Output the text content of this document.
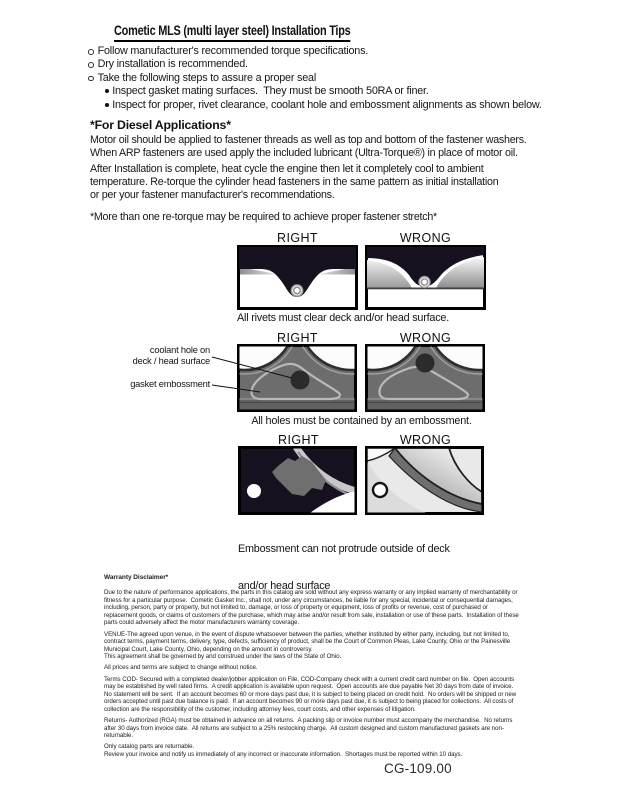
Cometic MLS (multi layer steel) Installation Tips
Follow manufacturer's recommended torque specifications.
Dry installation is recommended.
Take the following steps to assure a proper seal
Inspect gasket mating surfaces.  They must be smooth 50RA or finer.
Inspect for proper, rivet clearance, coolant hole and embossment alignments as shown below.
*For Diesel Applications*
Motor oil should be applied to fastener threads as well as top and bottom of the fastener washers.
When ARP fasteners are used apply the included lubricant (Ultra-Torque®) in place of motor oil.
After Installation is complete, heat cycle the engine then let it completely cool to ambient
temperature. Re-torque the cylinder head fasteners in the same pattern as initial installation
or per your fastener manufacturer's recommendations.
*More than one re-torque may be required to achieve proper fastener stretch*
RIGHT	WRONG
All rivets must clear deck and/or head surface.
RIGHT	WRONG
coolant hole on
deck / head surface
gasket embossment
All holes must be contained by an embossment.
RIGHT	WRONG

Embossment can not protrude outside of deck

and/or head surface

Warranty Disclaimer*
Due to the nature of performance applications, the parts in this catalog are sold without any express warranty or any implied warranty of merchantability or fitness for a particular purpose.  Cometic Gasket Inc., shall not, under any circumstances, be liable for any special, incidental or consequential damages, including, person, party or property, but not limited to, damage, or loss of property or equipment, loss of profits or revenue, cost of purchased or replacement goods, or claims of customers of the purchase, which may arise and/or result from sale, installation or use of these parts.  Installation of these parts could adversely affect the motor manufacturers warranty coverage.
VENUE-The agreed upon venue, in the event of dispute whatsoever between the parties, whether instituted by either party, including, but not limited to, contract terms, payment terms, delivery, type, defects, sufficiency of product, shall be the Court of Common Pleas, Lake County, Ohio or the Painesville Municipal Court, Lake County, Ohio, depending on the amount in controversy.
This agreement shall be governed by and construed under the laws of the State of Ohio.
All prices and terms are subject to change without notice.
Terms COD- Secured with a completed dealer/jobber application on File, COD-Company check with a current credit card number on file.  Open accounts may be established by well rated firms.  A credit application is available upon request.  Open accounts are due payable Net 30 days from date of invoice.  No statement will be sent.  If an account becomes 60 or more days past due, it is subject to being placed on credit hold.  No orders will be shipped or new orders accepted until past due balance is paid.  If an account becomes 90 or more days past due, it is subject to being placed for collections.  All costs of collection are the responsibility of the customer, including attorney fees, court costs, and other expenses of litigation.
Returns- Authorized (RGA) must be obtained in advance on all returns.  A packing slip or invoice number must accompany the merchandise.  No returns after 30 days from invoice date.  All returns are subject to a 25% restocking charge.  All custom designed and custom manufactured gaskets are non-returnable.
Only catalog parts are returnable.
Review your invoice and notify us immediately of any incorrect or inaccurate information.  Shortages must be reported within 10 days.
CG-109.00
